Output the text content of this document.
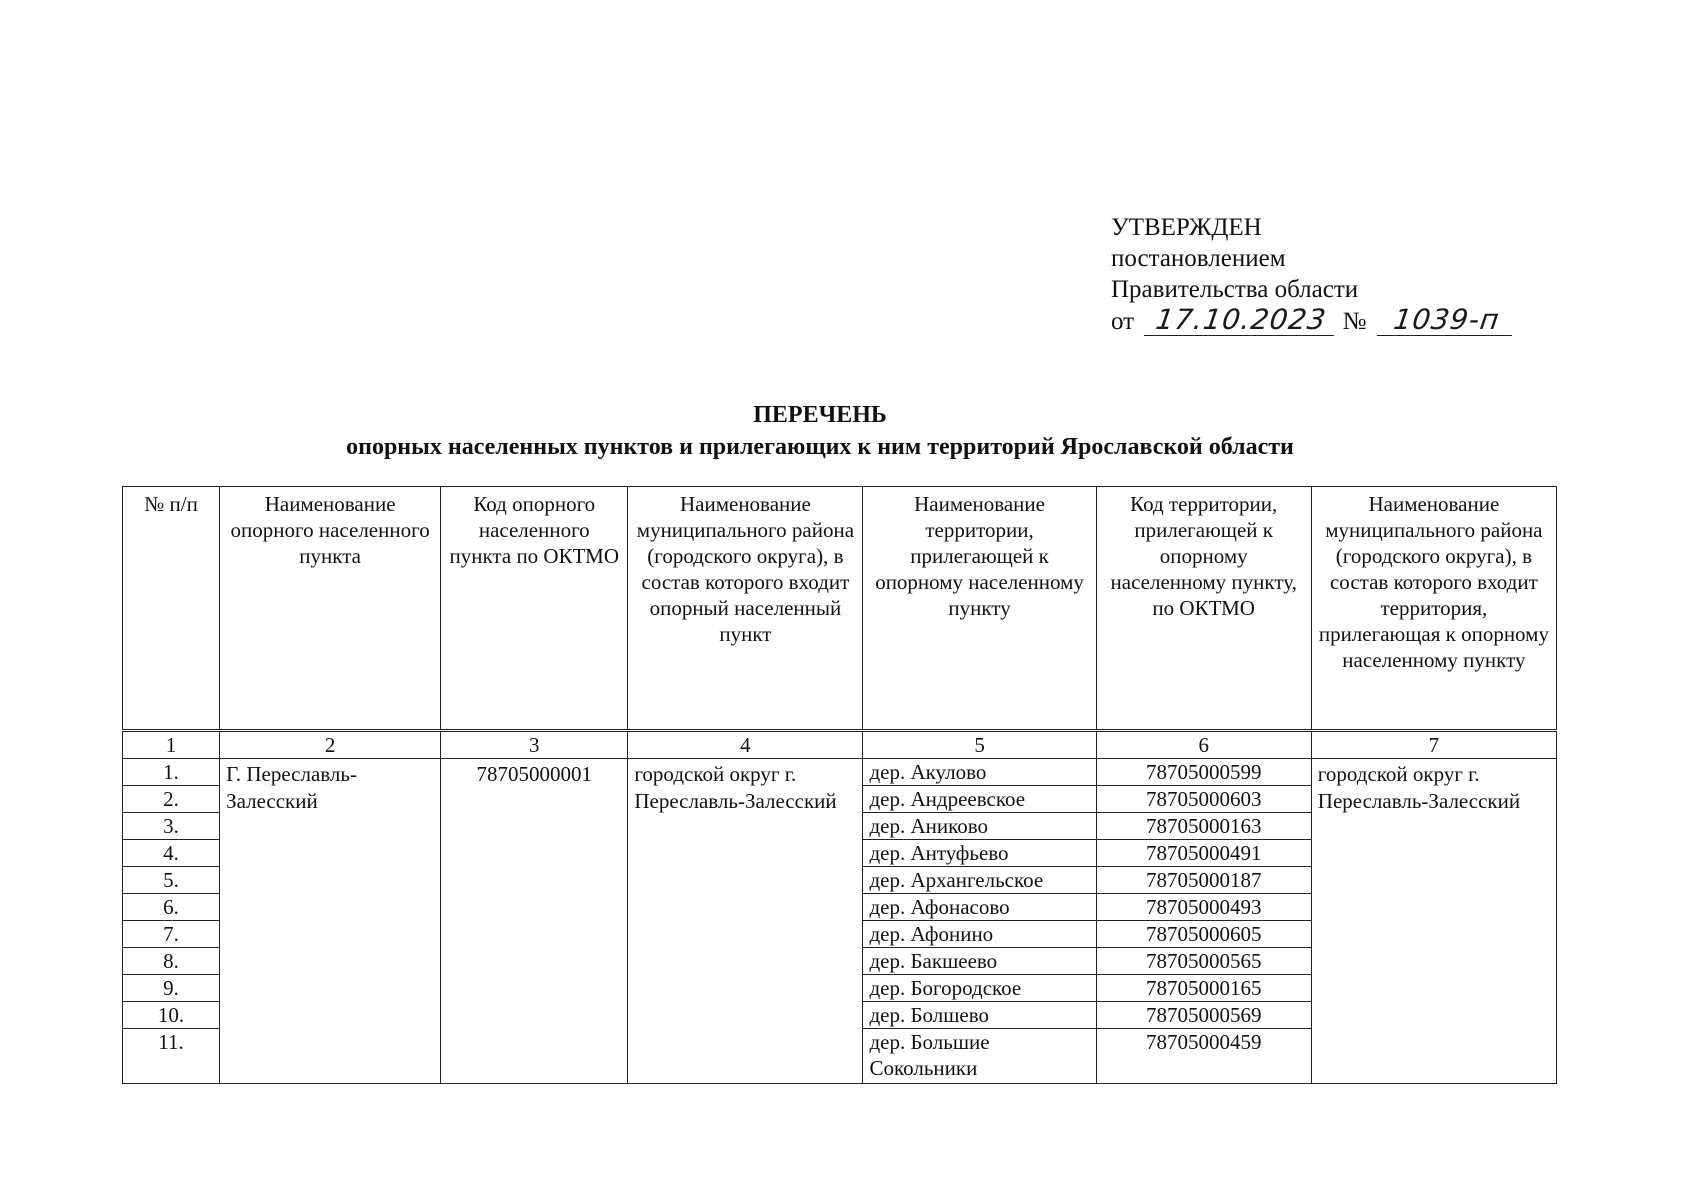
УТВЕРЖДЕН
постановлением
Правительства области
от 17.10.2023 № 1039-п
ПЕРЕЧЕНЬ
опорных населенных пунктов и прилегающих к ним территорий Ярославской области
№ п/п	Наименование опорного населенного пункта	Код опорного населенного пункта по ОКТМО	Наименование муниципального района (городского округа), в состав которого входит опорный населенный пункт	Наименование территории, прилегающей к опорному населенному пункту	Код территории, прилегающей к опорному населенному пункту, по ОКТМО	Наименование муниципального района (городского округа), в состав которого входит территория, прилегающая к опорному населенному пункту
1	2	3	4	5	6	7
1.	Г. Переславль-Залесский	78705000001	городской округ г. Переславль-Залесский	дер. Акулово	78705000599	городской округ г. Переславль-Залесский
2.				дер. Андреевское	78705000603	
3.				дер. Аниково	78705000163	
4.				дер. Антуфьево	78705000491	
5.				дер. Архангельское	78705000187	
6.				дер. Афонасово	78705000493	
7.				дер. Афонино	78705000605	
8.				дер. Бакшеево	78705000565	
9.				дер. Богородское	78705000165	
10.				дер. Болшево	78705000569	
11.				дер. Большие Сокольники	78705000459	
